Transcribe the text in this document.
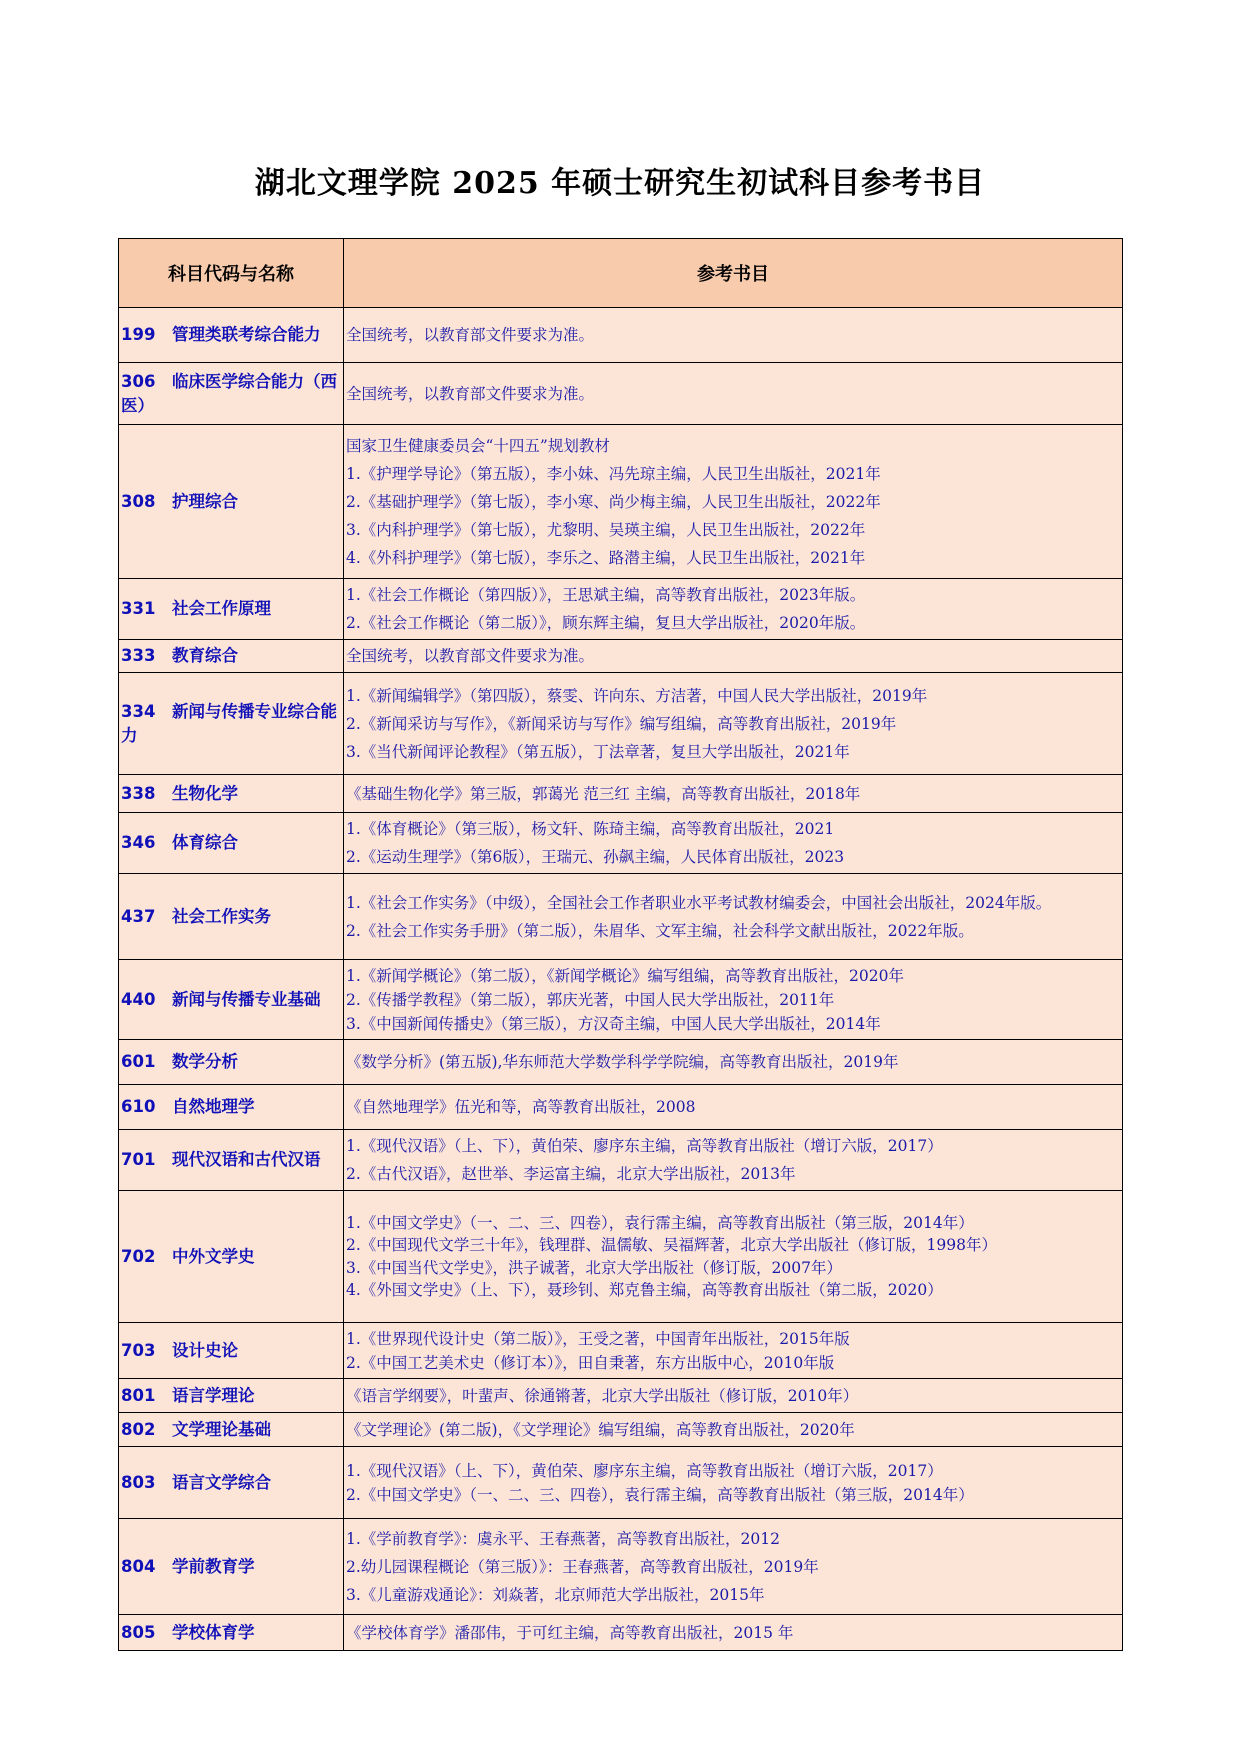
湖北文理学院 2025 年硕士研究生初试科目参考书目
科目代码与名称	参考书目
199　管理类联考综合能力	全国统考，以教育部文件要求为准。

306　临床医学综合能力（西医）	全国统考，以教育部文件要求为准。

308　护理综合	国家卫生健康委员会“十四五”规划教材
1.《护理学导论》（第五版），李小妹、冯先琼主编，人民卫生出版社，2021年
2.《基础护理学》（第七版），李小寒、尚少梅主编，人民卫生出版社，2022年
3.《内科护理学》（第七版），尤黎明、吴瑛主编，人民卫生出版社，2022年
4.《外科护理学》（第七版），李乐之、路潜主编，人民卫生出版社，2021年

331　社会工作原理	1.《社会工作概论（第四版）》，王思斌主编，高等教育出版社，2023年版。
2.《社会工作概论（第二版）》，顾东辉主编，复旦大学出版社，2020年版。

333　教育综合	全国统考，以教育部文件要求为准。

334　新闻与传播专业综合能力	1.《新闻编辑学》（第四版），蔡雯、许向东、方洁著，中国人民大学出版社，2019年
2.《新闻采访与写作》，《新闻采访与写作》编写组编，高等教育出版社，2019年
3.《当代新闻评论教程》（第五版），丁法章著，复旦大学出版社，2021年

338　生物化学	《基础生物化学》第三版，郭蔼光 范三红 主编，高等教育出版社，2018年

346　体育综合	1.《体育概论》（第三版），杨文轩、陈琦主编，高等教育出版社，2021
2.《运动生理学》（第6版），王瑞元、孙飙主编，人民体育出版社，2023

437　社会工作实务	1.《社会工作实务》（中级），全国社会工作者职业水平考试教材编委会，中国社会出版社，2024年版。
2.《社会工作实务手册》（第二版），朱眉华、文军主编，社会科学文献出版社，2022年版。

440　新闻与传播专业基础	1.《新闻学概论》（第二版），《新闻学概论》编写组编，高等教育出版社，2020年
2.《传播学教程》（第二版），郭庆光著，中国人民大学出版社，2011年
3.《中国新闻传播史》（第三版），方汉奇主编，中国人民大学出版社，2014年

601　数学分析	《数学分析》(第五版),华东师范大学数学科学学院编，高等教育出版社，2019年

610　自然地理学	《自然地理学》伍光和等，高等教育出版社，2008

701　现代汉语和古代汉语	1.《现代汉语》（上、下），黄伯荣、廖序东主编，高等教育出版社（增订六版，2017）
2.《古代汉语》，赵世举、李运富主编，北京大学出版社，2013年

702　中外文学史	1.《中国文学史》（一、二、三、四卷），袁行霈主编，高等教育出版社（第三版，2014年）
2.《中国现代文学三十年》，钱理群、温儒敏、吴福辉著，北京大学出版社（修订版，1998年）
3.《中国当代文学史》，洪子诚著，北京大学出版社（修订版，2007年）
4.《外国文学史》（上、下），聂珍钊、郑克鲁主编，高等教育出版社（第二版，2020）

703　设计史论	1.《世界现代设计史（第二版）》，王受之著，中国青年出版社，2015年版
2.《中国工艺美术史（修订本）》，田自秉著，东方出版中心，2010年版

801　语言学理论	《语言学纲要》，叶蜚声、徐通锵著，北京大学出版社（修订版，2010年）

802　文学理论基础	《文学理论》(第二版)，《文学理论》编写组编，高等教育出版社，2020年

803　语言文学综合	1.《现代汉语》（上、下），黄伯荣、廖序东主编，高等教育出版社（增订六版，2017）
2.《中国文学史》（一、二、三、四卷），袁行霈主编，高等教育出版社（第三版，2014年）

804　学前教育学	1.《学前教育学》：虞永平、王春燕著，高等教育出版社，2012
2.幼儿园课程概论（第三版）》：王春燕著，高等教育出版社，2019年
3.《儿童游戏通论》：刘焱著，北京师范大学出版社，2015年

805　学校体育学	《学校体育学》潘邵伟，于可红主编，高等教育出版社，2015 年
